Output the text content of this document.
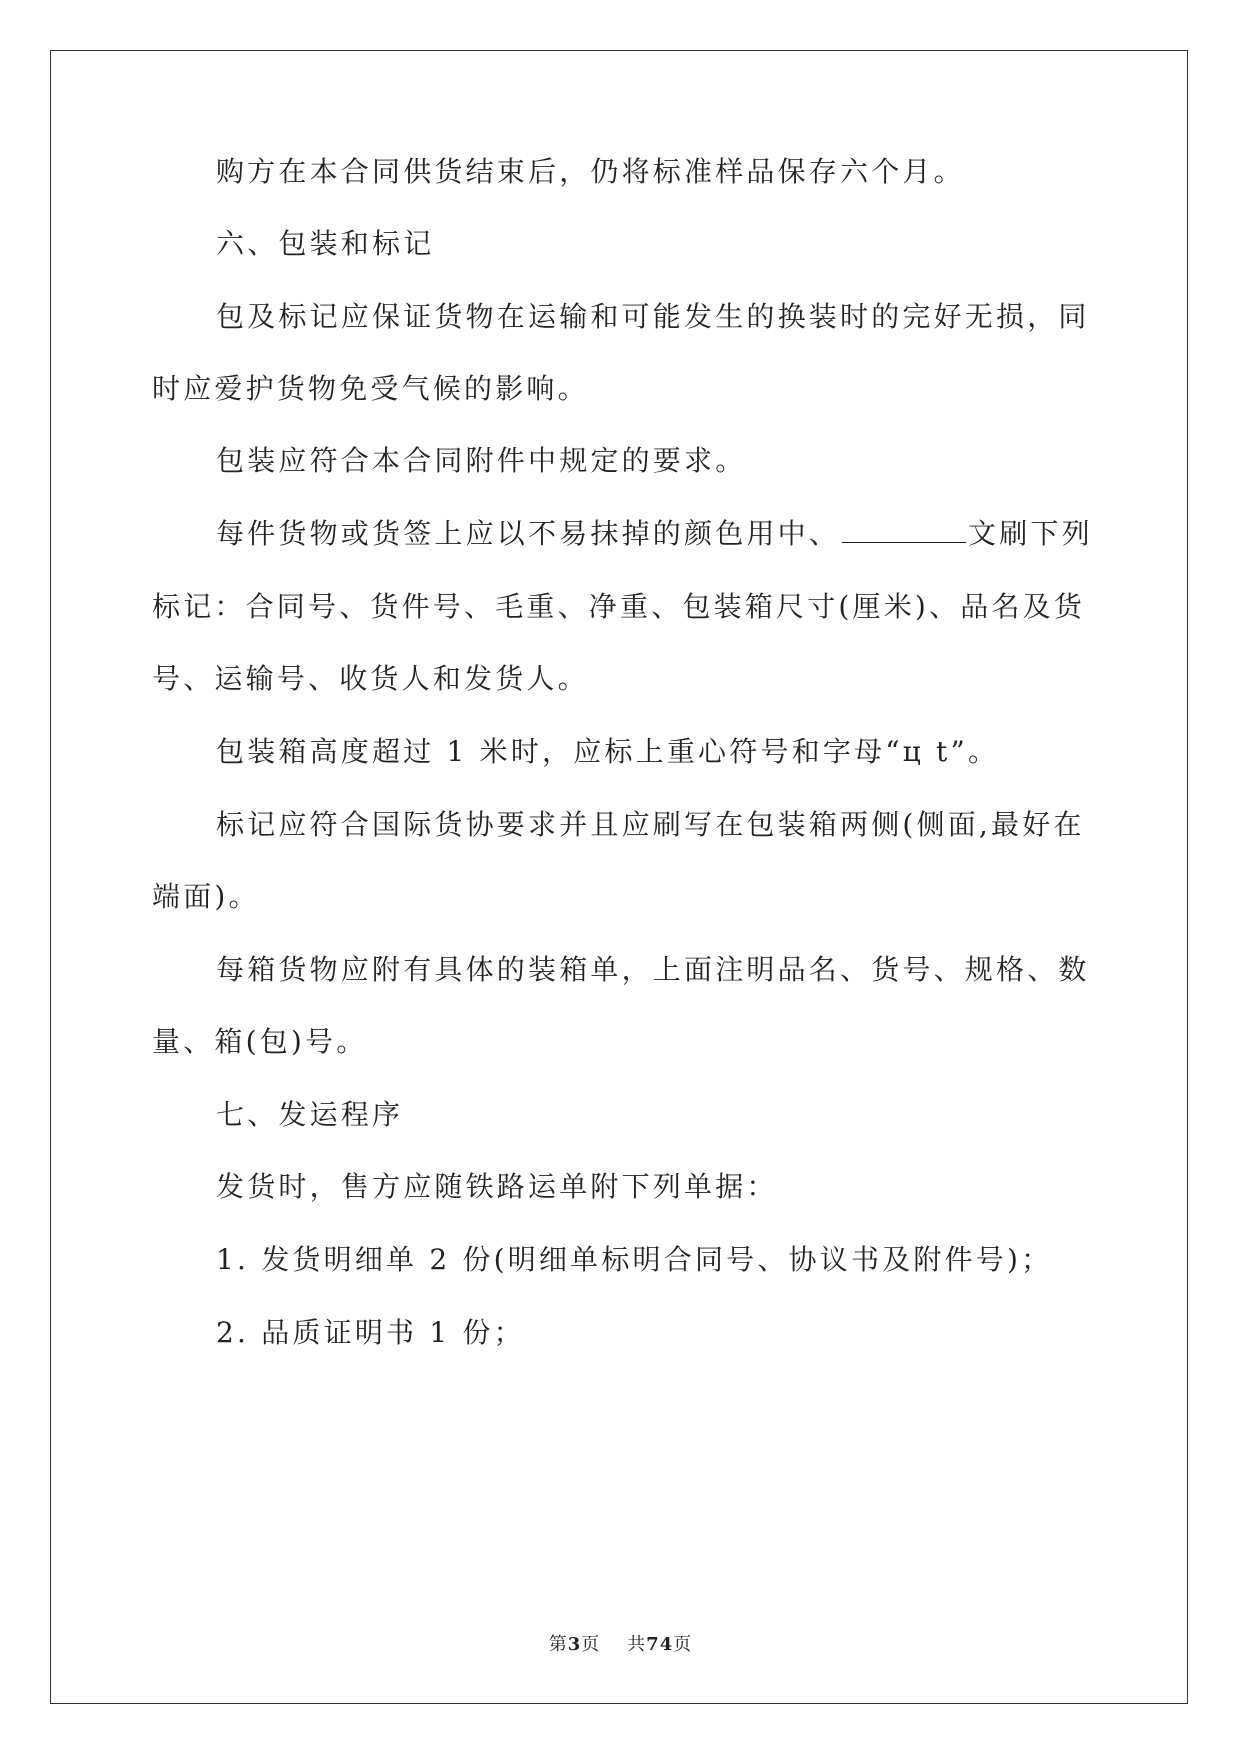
购方在本合同供货结束后，仍将标准样品保存六个月。
六、包装和标记
包及标记应保证货物在运输和可能发生的换装时的完好无损，同
时应爱护货物免受气候的影响。
包装应符合本合同附件中规定的要求。
每件货物或货签上应以不易抹掉的颜色用中、	文刷下列
标记：合同号、货件号、毛重、净重、包装箱尺寸(厘米)、品名及货
号、运输号、收货人和发货人。
包装箱高度超过 1 米时，应标上重心符号和字母“ц t”。
标记应符合国际货协要求并且应刷写在包装箱两侧(侧面,最好在
端面)。
每箱货物应附有具体的装箱单，上面注明品名、货号、规格、数
量、箱(包)号。
七、发运程序
发货时，售方应随铁路运单附下列单据：
1. 发货明细单 2 份(明细单标明合同号、协议书及附件号)；
2. 品质证明书 1 份；
第3页 共74页
